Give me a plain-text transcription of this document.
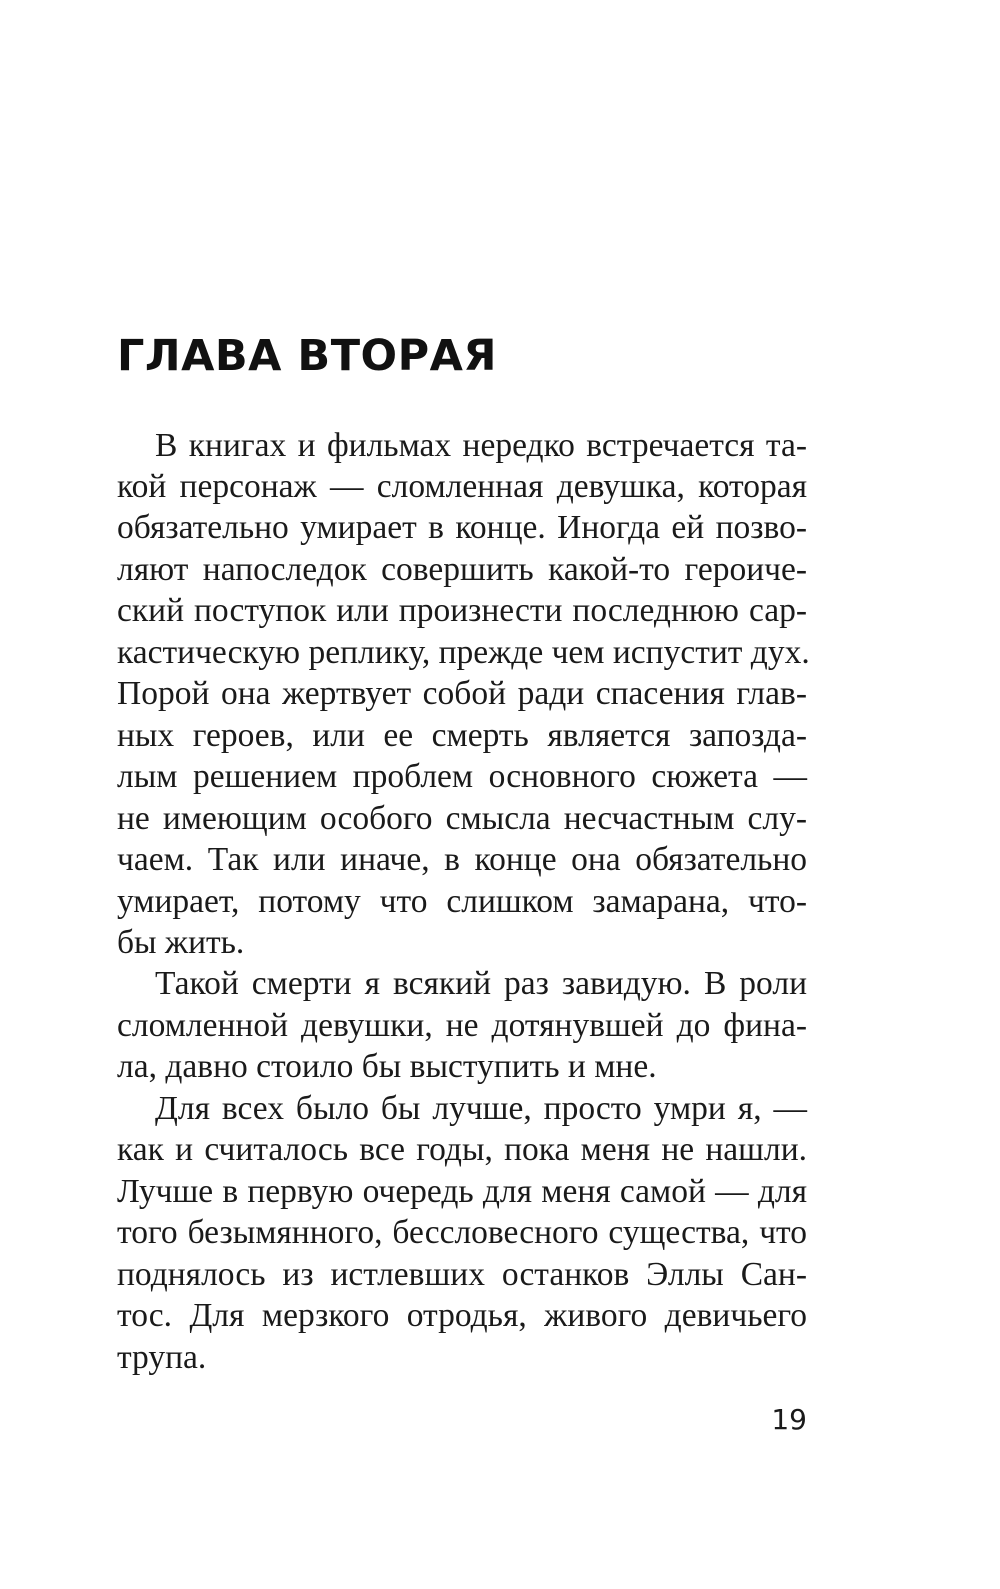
ГЛАВА ВТОРАЯ
В книгах и фильмах нередко встречается та-
кой персонаж — сломленная девушка, которая
обязательно умирает в конце. Иногда ей позво-
ляют напоследок совершить какой-то героиче-
ский поступок или произнести последнюю сар-
кастическую реплику, прежде чем испустит дух.
Порой она жертвует собой ради спасения глав-
ных героев, или ее смерть является запозда-
лым решением проблем основного сюжета —
не имеющим особого смысла несчастным слу-
чаем. Так или иначе, в конце она обязательно
умирает, потому что слишком замарана, что-
бы жить.
Такой смерти я всякий раз завидую. В роли
сломленной девушки, не дотянувшей до фина-
ла, давно стоило бы выступить и мне.
Для всех было бы лучше, просто умри я, —
как и считалось все годы, пока меня не нашли.
Лучше в первую очередь для меня самой — для
того безымянного, бессловесного существа, что
поднялось из истлевших останков Эллы Сан-
тос. Для мерзкого отродья, живого девичьего
трупа.
19
